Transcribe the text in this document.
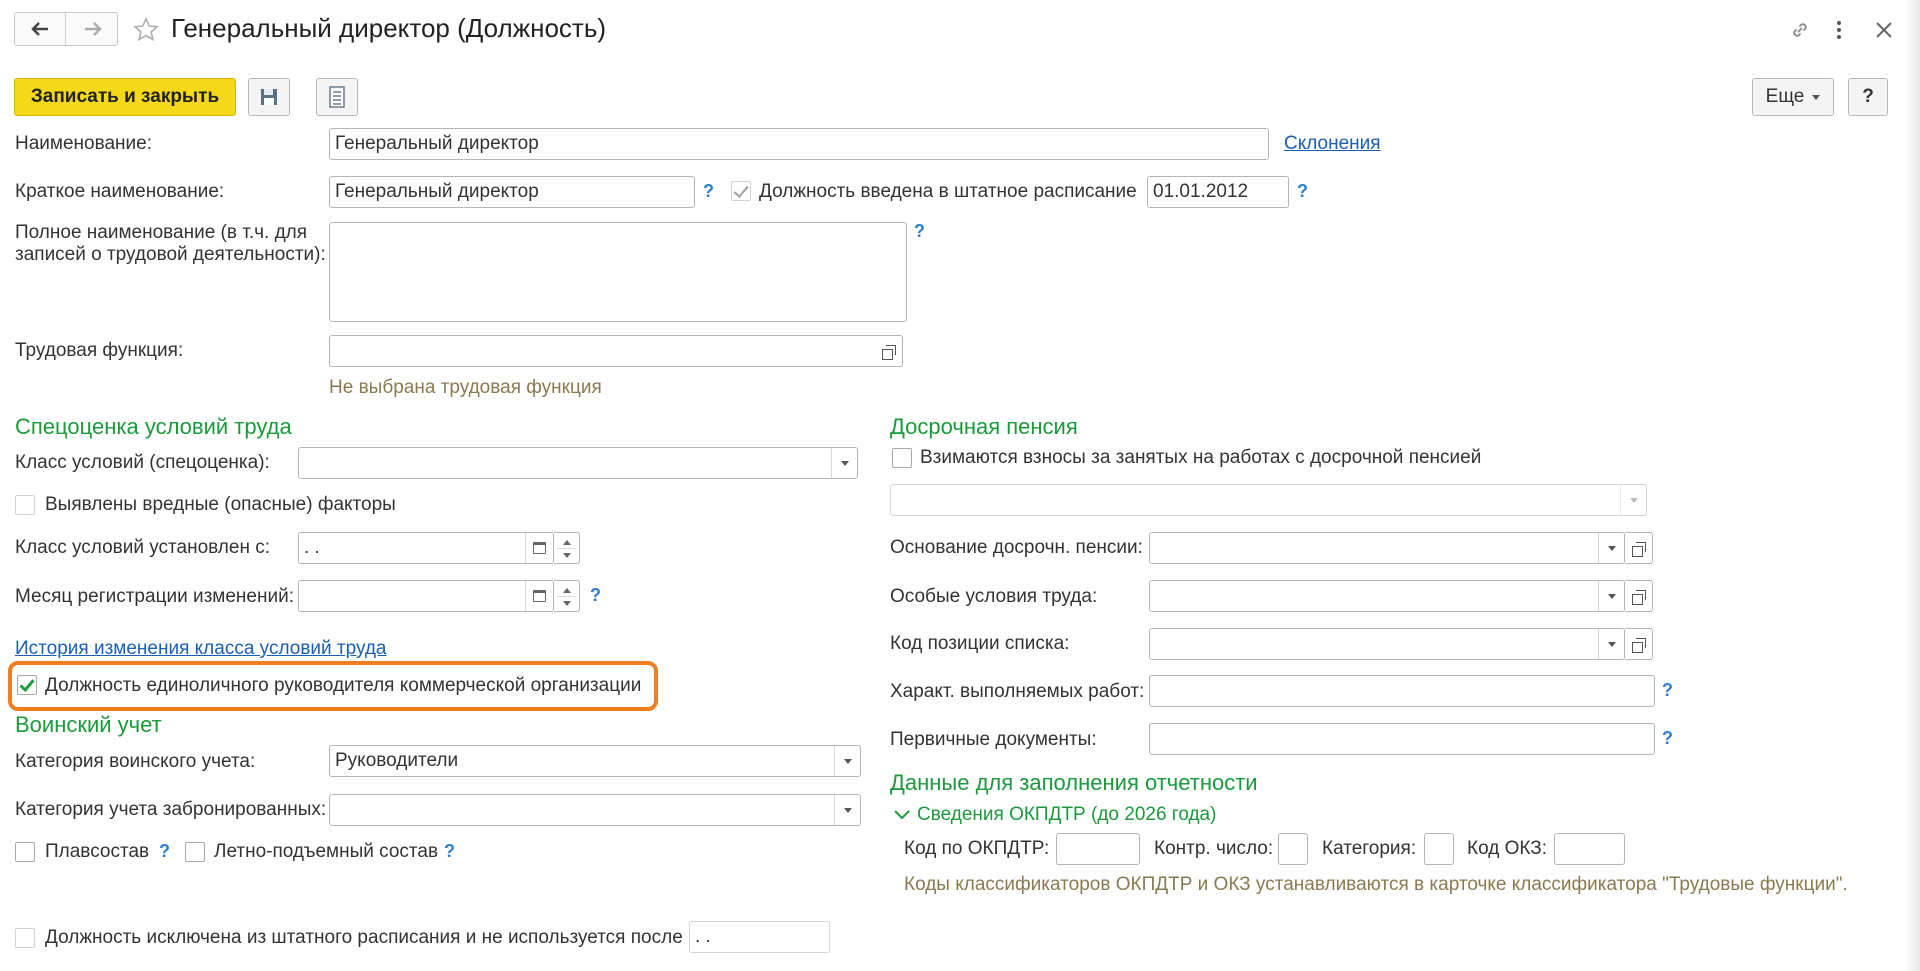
Генеральный директор (Должность)
Записать и закрыть	Еще	?
Наименование:	Генеральный директор	Склонения
Краткое наименование:	Генеральный директор	? Должность введена в штатное расписание 01.01.2012	?
Полное наименование (в т.ч. для
записей о трудовой деятельности):
?
Трудовая функция:
Не выбрана трудовая функция
Спецоценка условий труда
Класс условий (спецоценка):
Выявлены вредные (опасные) факторы
Класс условий установлен с:	. .
Месяц регистрации изменений:	?
История изменения класса условий труда
Должность единоличного руководителя коммерческой организации
Воинский учет
Категория воинского учета:	Руководители
Категория учета забронированных:
Плавсостав ? Летно-подъемный состав ?
Должность исключена из штатного расписания и не используется после . .
Досрочная пенсия
Взимаются взносы за занятых на работах с досрочной пенсией
Основание досрочн. пенсии:
Особые условия труда:
Код позиции списка:
Характ. выполняемых работ:	?
Первичные документы:	?
Данные для заполнения отчетности
Сведения ОКПДТР (до 2026 года)
Код по ОКПДТР:	Контр. число:	Категория:	Код ОКЗ:
Коды классификаторов ОКПДТР и ОКЗ устанавливаются в карточке классификатора "Трудовые функции".
